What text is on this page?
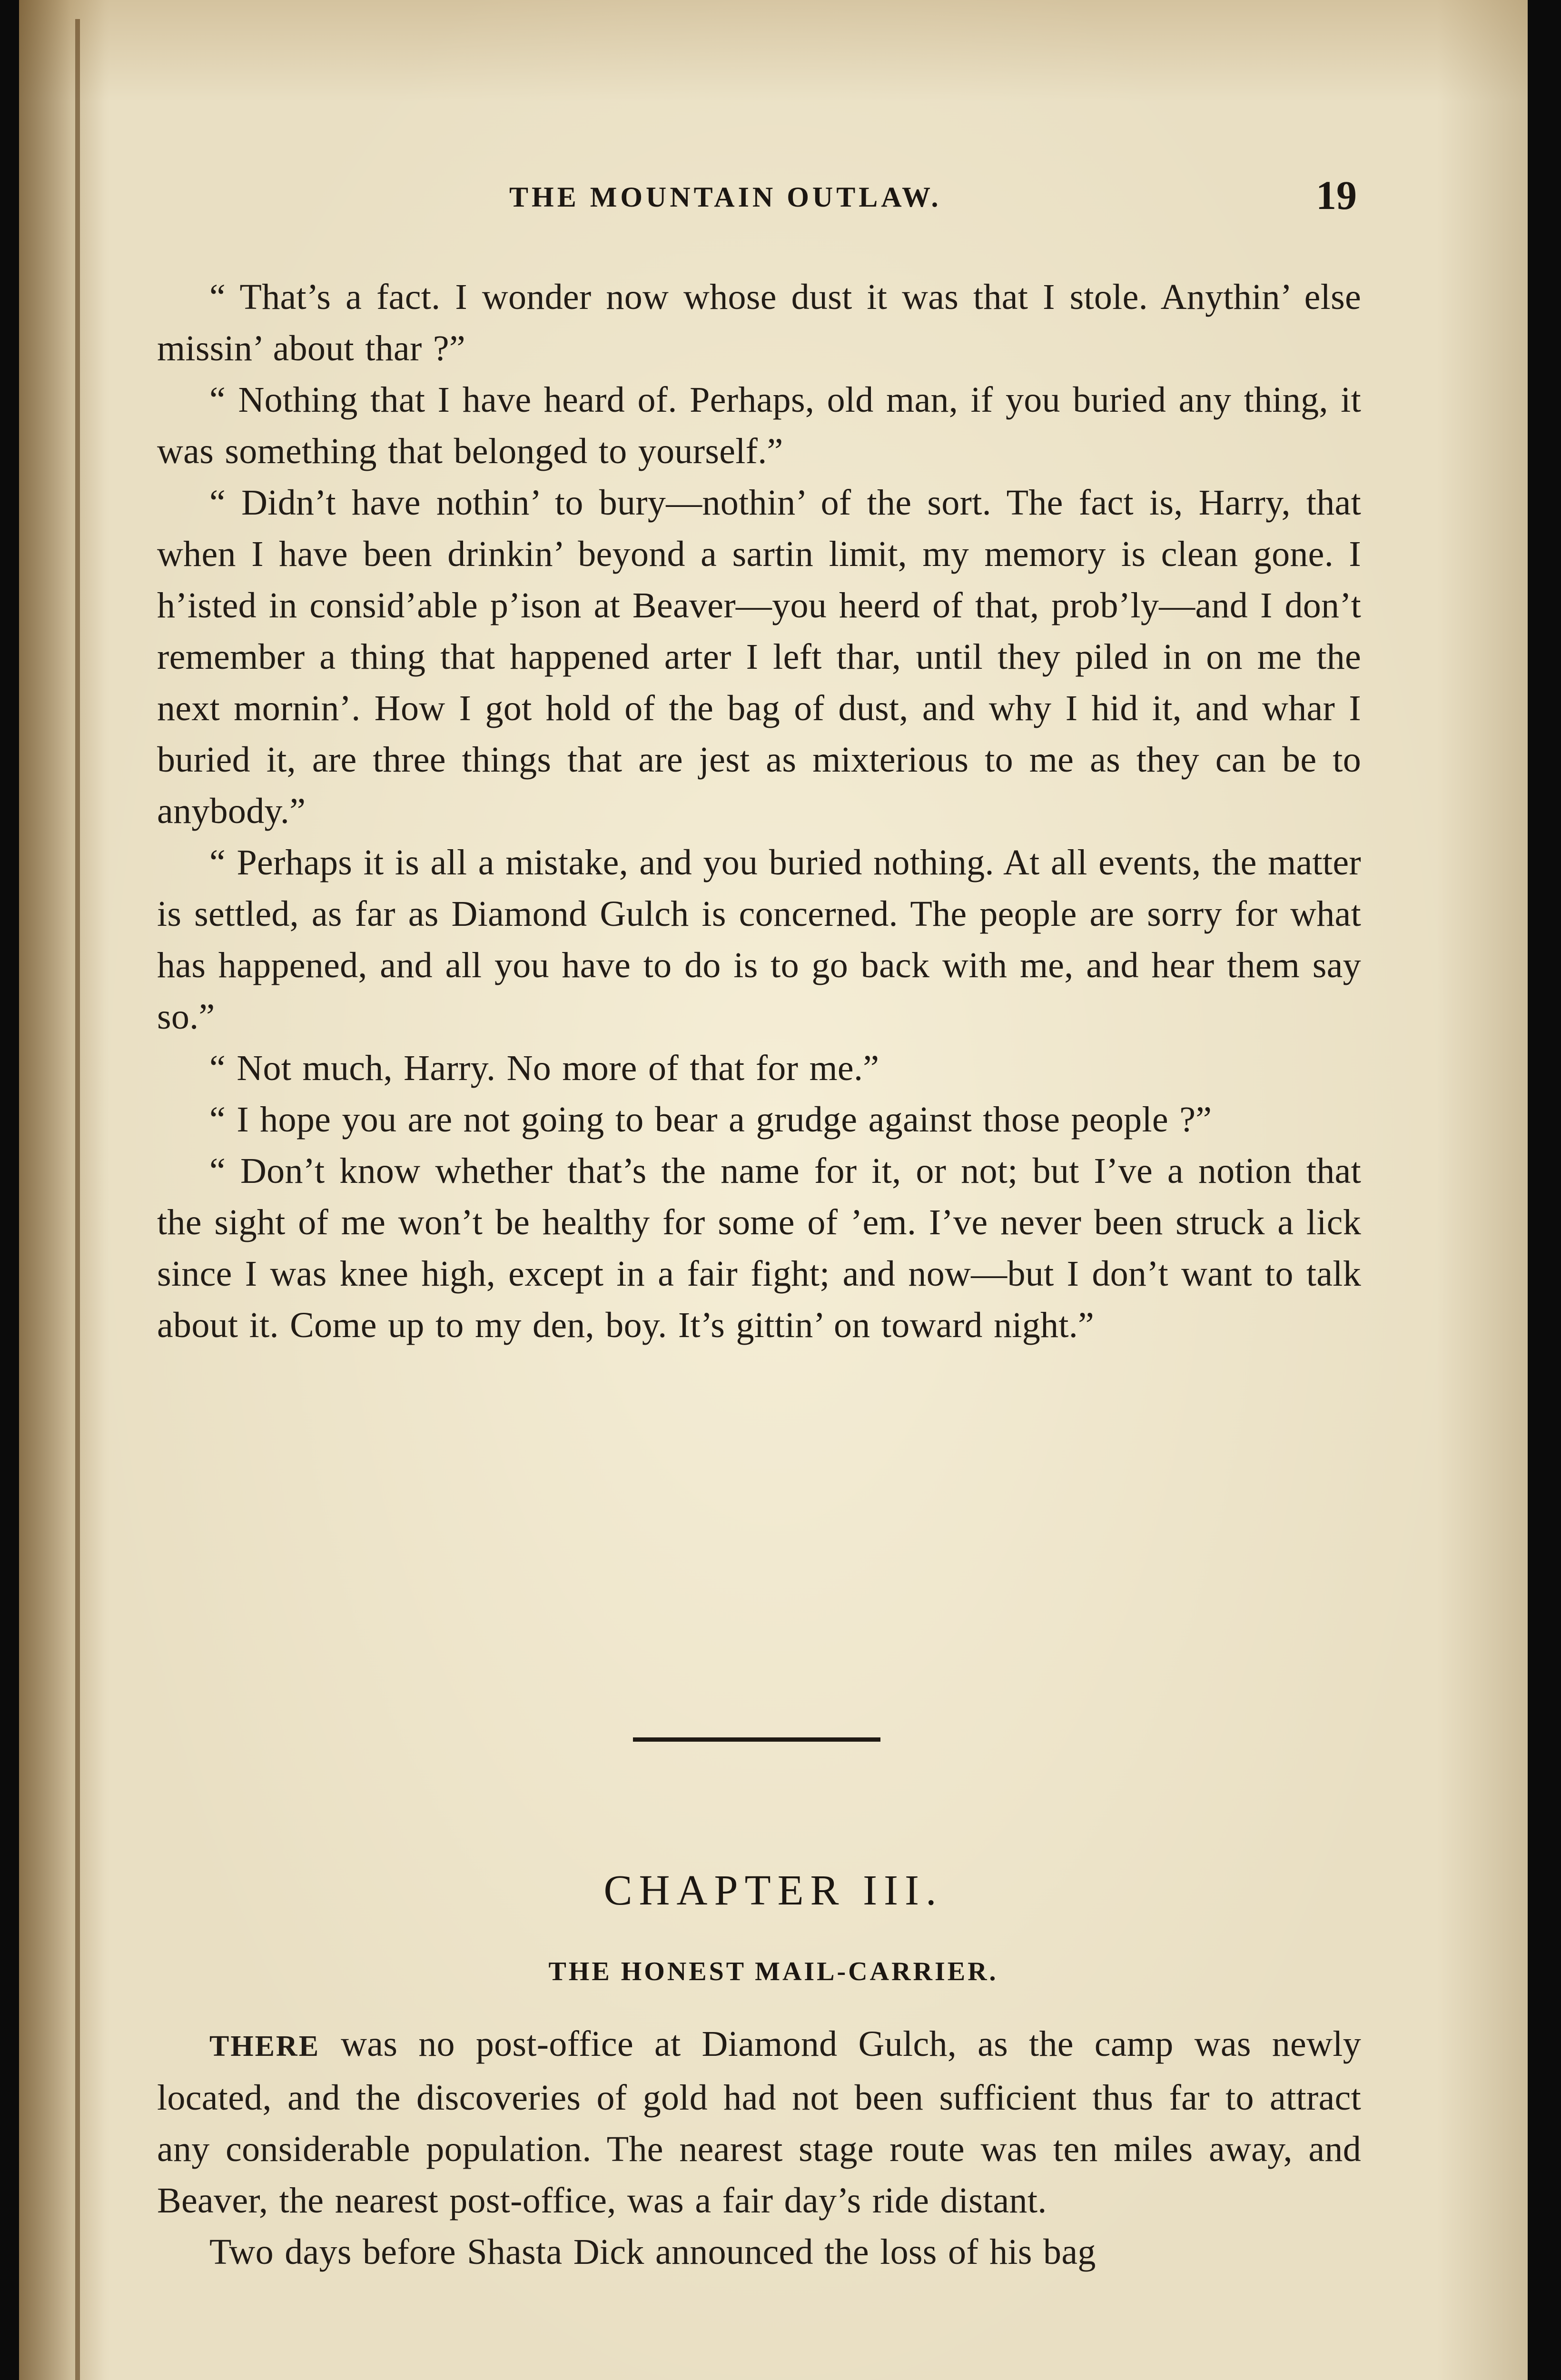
THE MOUNTAIN OUTLAW.	19

“ That’s a fact. I wonder now whose dust it was that I stole. Anythin’ else missin’ about thar ?”

“ Nothing that I have heard of. Perhaps, old man, if you buried any thing, it was something that belonged to yourself.”

“ Didn’t have nothin’ to bury—nothin’ of the sort. The fact is, Harry, that when I have been drinkin’ beyond a sartin limit, my memory is clean gone. I h’isted in consid’able p’ison at Beaver—you heerd of that, prob’ly—and I don’t remember a thing that happened arter I left thar, until they piled in on me the next mornin’. How I got hold of the bag of dust, and why I hid it, and whar I buried it, are three things that are jest as mixterious to me as they can be to anybody.”

“ Perhaps it is all a mistake, and you buried nothing. At all events, the matter is settled, as far as Diamond Gulch is concerned. The people are sorry for what has happened, and all you have to do is to go back with me, and hear them say so.”

“ Not much, Harry. No more of that for me.”

“ I hope you are not going to bear a grudge against those people ?”

“ Don’t know whether that’s the name for it, or not; but I’ve a notion that the sight of me won’t be healthy for some of ’em. I’ve never been struck a lick since I was knee high, except in a fair fight; and now—but I don’t want to talk about it. Come up to my den, boy. It’s gittin’ on toward night.”

CHAPTER III.
THE HONEST MAIL-CARRIER.

THERE was no post-office at Diamond Gulch, as the camp was newly located, and the discoveries of gold had not been sufficient thus far to attract any considerable population. The nearest stage route was ten miles away, and Beaver, the nearest post-office, was a fair day’s ride distant.

Two days before Shasta Dick announced the loss of his bag
